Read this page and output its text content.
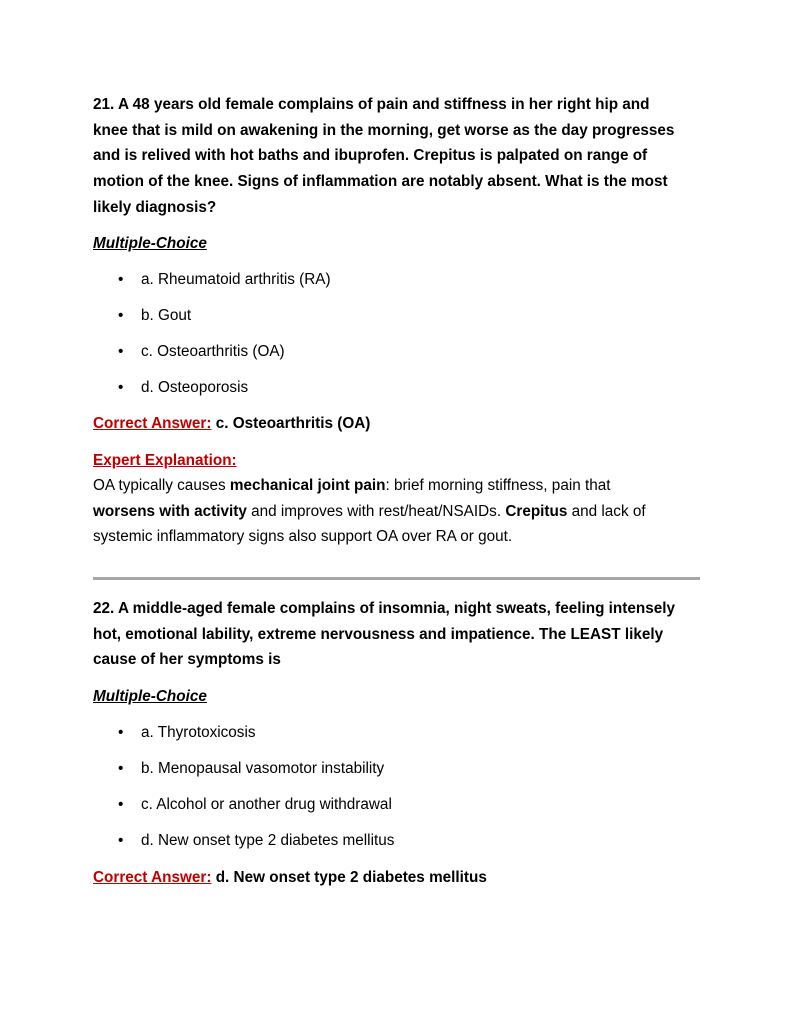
21. A 48 years old female complains of pain and stiffness in her right hip and
knee that is mild on awakening in the morning, get worse as the day progresses
and is relived with hot baths and ibuprofen. Crepitus is palpated on range of
motion of the knee. Signs of inflammation are notably absent. What is the most
likely diagnosis?
Multiple-Choice
• a. Rheumatoid arthritis (RA)
• b. Gout
• c. Osteoarthritis (OA)
• d. Osteoporosis
Correct Answer: c. Osteoarthritis (OA)
Expert Explanation:
OA typically causes mechanical joint pain: brief morning stiffness, pain that
worsens with activity and improves with rest/heat/NSAIDs. Crepitus and lack of
systemic inflammatory signs also support OA over RA or gout.
22. A middle-aged female complains of insomnia, night sweats, feeling intensely
hot, emotional lability, extreme nervousness and impatience. The LEAST likely
cause of her symptoms is
Multiple-Choice
• a. Thyrotoxicosis
• b. Menopausal vasomotor instability
• c. Alcohol or another drug withdrawal
• d. New onset type 2 diabetes mellitus
Correct Answer: d. New onset type 2 diabetes mellitus
